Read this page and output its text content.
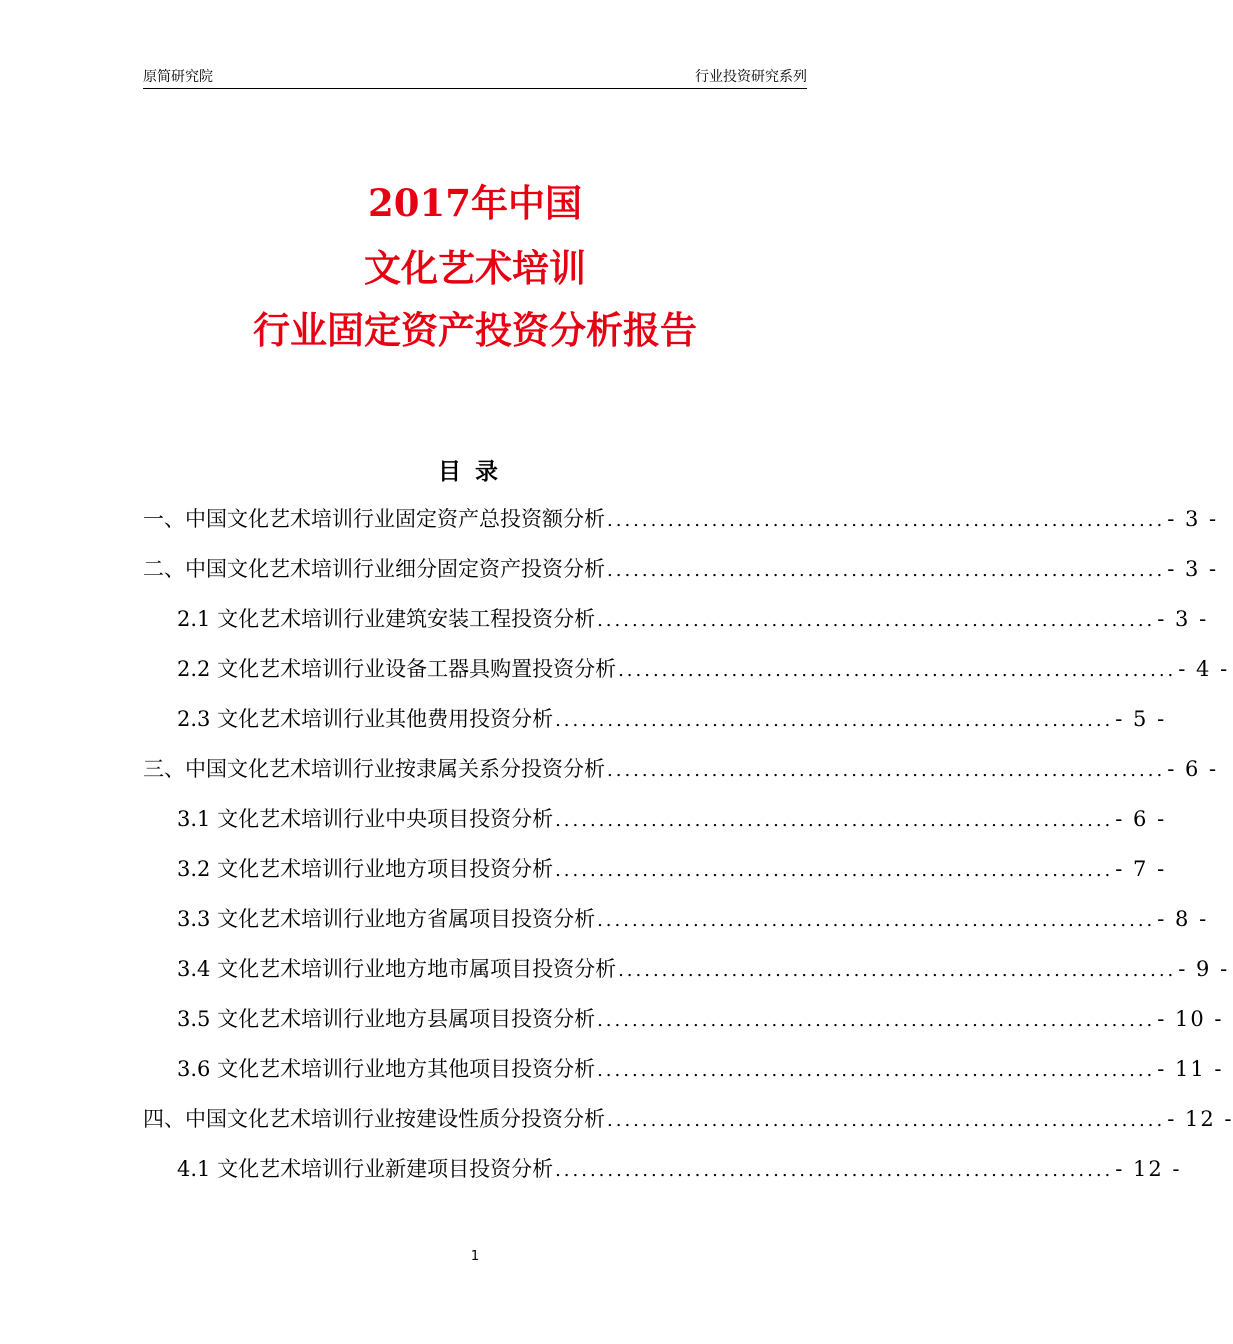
原简研究院	行业投资研究系列
2017年中国
文化艺术培训
行业固定资产投资分析报告
目录
一、中国文化艺术培训行业固定资产总投资额分析 ................................................................ - 3 -
二、中国文化艺术培训行业细分固定资产投资分析 ................................................................ - 3 -
2.1 文化艺术培训行业建筑安装工程投资分析 ................................................................ - 3 -
2.2 文化艺术培训行业设备工器具购置投资分析 ................................................................ - 4 -
2.3 文化艺术培训行业其他费用投资分析 ................................................................ - 5 -
三、中国文化艺术培训行业按隶属关系分投资分析 ................................................................ - 6 -
3.1 文化艺术培训行业中央项目投资分析 ................................................................ - 6 -
3.2 文化艺术培训行业地方项目投资分析 ................................................................ - 7 -
3.3 文化艺术培训行业地方省属项目投资分析 ................................................................ - 8 -
3.4 文化艺术培训行业地方地市属项目投资分析 ................................................................ - 9 -
3.5 文化艺术培训行业地方县属项目投资分析 ................................................................ - 10 -
3.6 文化艺术培训行业地方其他项目投资分析 ................................................................ - 11 -
四、中国文化艺术培训行业按建设性质分投资分析 ................................................................ - 12 -
4.1 文化艺术培训行业新建项目投资分析 ................................................................ - 12 -
1
